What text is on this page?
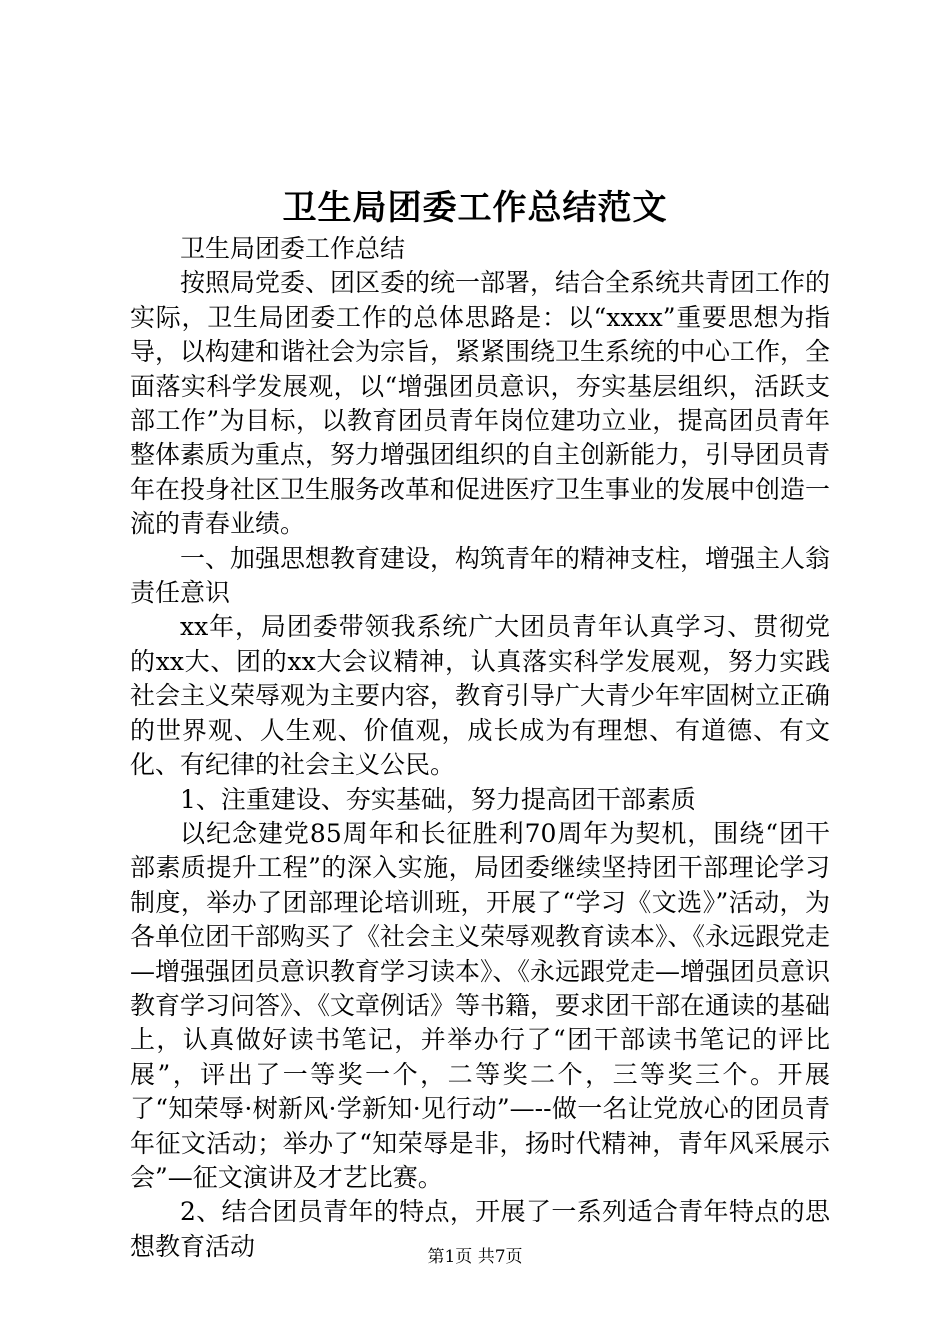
卫生局团委工作总结范文

卫生局团委工作总结

按照局党委、团区委的统一部署，结合全系统共青团工作的实际，卫生局团委工作的总体思路是：以“xxxx”重要思想为指导，以构建和谐社会为宗旨，紧紧围绕卫生系统的中心工作，全面落实科学发展观，以“增强团员意识，夯实基层组织，活跃支部工作”为目标，以教育团员青年岗位建功立业，提高团员青年整体素质为重点，努力增强团组织的自主创新能力，引导团员青年在投身社区卫生服务改革和促进医疗卫生事业的发展中创造一流的青春业绩。

一、加强思想教育建设，构筑青年的精神支柱，增强主人翁责任意识

xx年，局团委带领我系统广大团员青年认真学习、贯彻党的xx大、团的xx大会议精神，认真落实科学发展观，努力实践社会主义荣辱观为主要内容，教育引导广大青少年牢固树立正确的世界观、人生观、价值观，成长成为有理想、有道德、有文化、有纪律的社会主义公民。

1、注重建设、夯实基础，努力提高团干部素质

以纪念建党85周年和长征胜利70周年为契机，围绕“团干部素质提升工程”的深入实施，局团委继续坚持团干部理论学习制度，举办了团部理论培训班，开展了“学习《文选》”活动，为各单位团干部购买了《社会主义荣辱观教育读本》、《永远跟党走—增强强团员意识教育学习读本》、《永远跟党走—增强团员意识教育学习问答》、《文章例话》等书籍，要求团干部在通读的基础上，认真做好读书笔记，并举办行了“团干部读书笔记的评比展”，评出了一等奖一个，二等奖二个，三等奖三个。开展了“知荣辱·树新风·学新知·见行动”—--做一名让党放心的团员青年征文活动；举办了“知荣辱是非，扬时代精神，青年风采展示会”—征文演讲及才艺比赛。

2、结合团员青年的特点，开展了一系列适合青年特点的思想教育活动	第1页 共7页
